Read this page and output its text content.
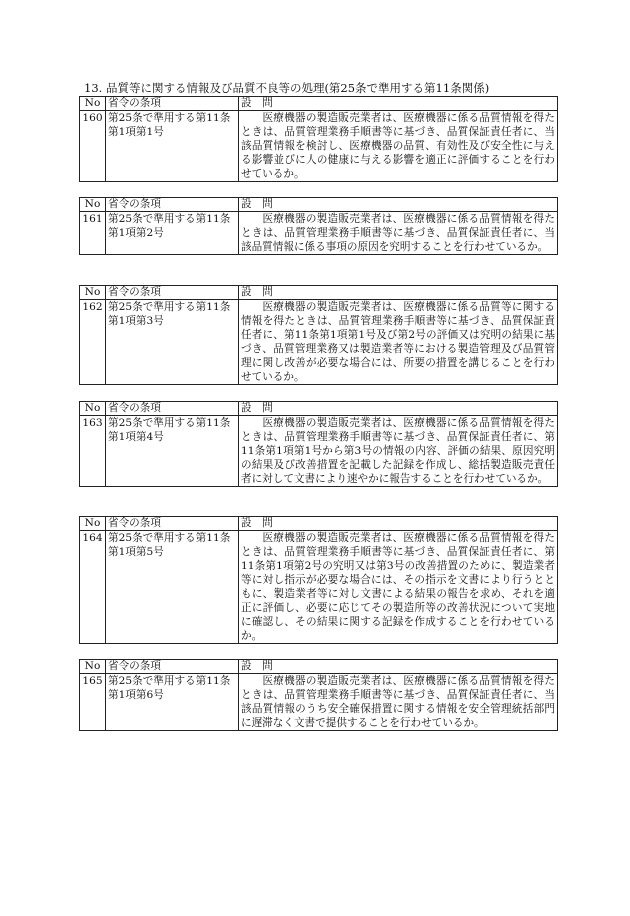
13. 品質等に関する情報及び品質不良等の処理(第25条で準用する第11条関係)
No	省令の条項	設　問
160	第25条で準用する第11条第1項第1号	医療機器の製造販売業者は、医療機器に係る品質情報を得たときは、品質管理業務手順書等に基づき、品質保証責任者に、当該品質情報を検討し、医療機器の品質、有効性及び安全性に与える影響並びに人の健康に与える影響を適正に評価することを行わせているか。
No	省令の条項	設　問
161	第25条で準用する第11条第1項第2号	医療機器の製造販売業者は、医療機器に係る品質情報を得たときは、品質管理業務手順書等に基づき、品質保証責任者に、当該品質情報に係る事項の原因を究明することを行わせているか。
No	省令の条項	設　問
162	第25条で準用する第11条第1項第3号	医療機器の製造販売業者は、医療機器に係る品質等に関する情報を得たときは、品質管理業務手順書等に基づき、品質保証責任者に、第11条第1項第1号及び第2号の評価又は究明の結果に基づき、品質管理業務又は製造業者等における製造管理及び品質管理に関し改善が必要な場合には、所要の措置を講じることを行わせているか。
No	省令の条項	設　問
163	第25条で準用する第11条第1項第4号	医療機器の製造販売業者は、医療機器に係る品質情報を得たときは、品質管理業務手順書等に基づき、品質保証責任者に、第11条第1項第1号から第3号の情報の内容、評価の結果、原因究明の結果及び改善措置を記載した記録を作成し、総括製造販売責任者に対して文書により速やかに報告することを行わせているか。
No	省令の条項	設　問
164	第25条で準用する第11条第1項第5号	医療機器の製造販売業者は、医療機器に係る品質情報を得たときは、品質管理業務手順書等に基づき、品質保証責任者に、第11条第1項第2号の究明又は第3号の改善措置のために、製造業者等に対し指示が必要な場合には、その指示を文書により行うとともに、製造業者等に対し文書による結果の報告を求め、それを適正に評価し、必要に応じてその製造所等の改善状況について実地に確認し、その結果に関する記録を作成することを行わせているか。
No	省令の条項	設　問
165	第25条で準用する第11条第1項第6号	医療機器の製造販売業者は、医療機器に係る品質情報を得たときは、品質管理業務手順書等に基づき、品質保証責任者に、当該品質情報のうち安全確保措置に関する情報を安全管理統括部門に遅滞なく文書で提供することを行わせているか。
